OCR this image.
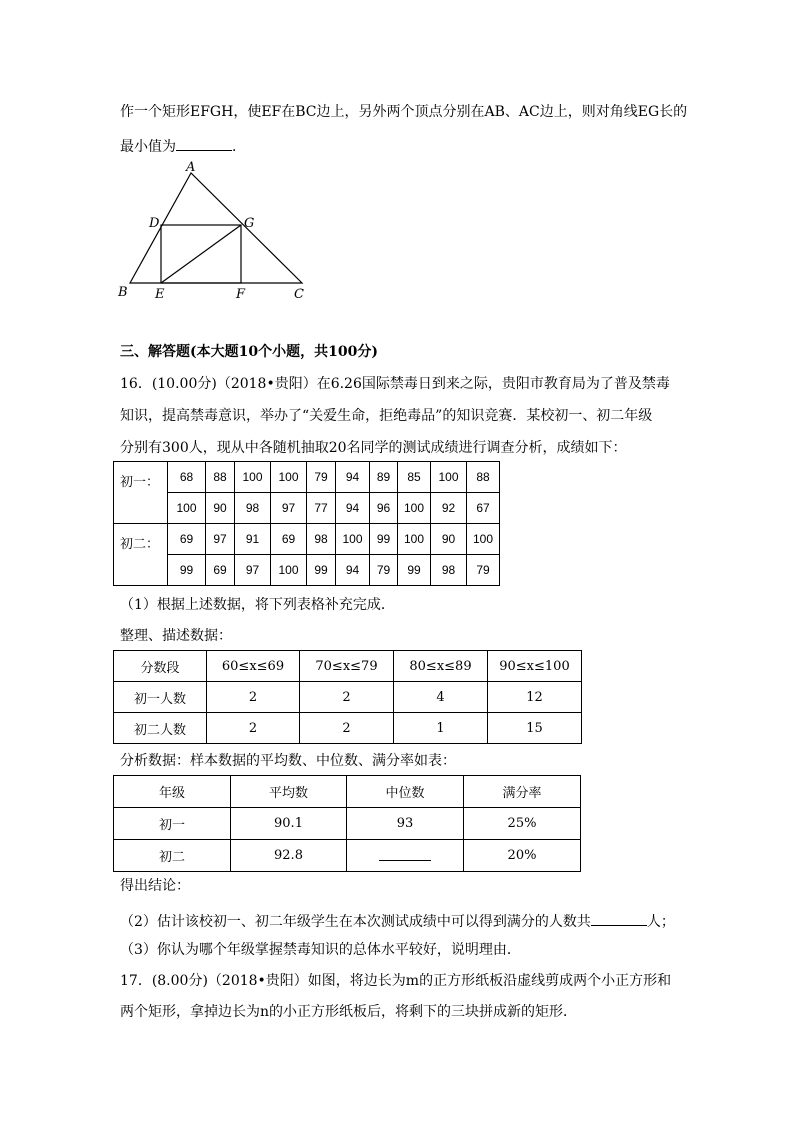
作一个矩形EFGH，使EF在BC边上，另外两个顶点分别在AB、AC边上，则对角线EG长的
最小值为	．
A
D	G
B E	F	C
三、解答题(本大题10个小题，共100分)
16．(10.00分)（2018•贵阳）在6.26国际禁毒日到来之际，贵阳市教育局为了普及禁毒
知识，提高禁毒意识，举办了“关爱生命，拒绝毒品”的知识竞赛．某校初一、初二年级
分别有300人，现从中各随机抽取20名同学的测试成绩进行调查分析，成绩如下：
初一：	68	88	100	100	79	94	89	85	100	88
	100	90	98	97	77	94	96	100	92	67
初二：	69	97	91	69	98	100	99	100	90	100
	99	69	97	100	99	94	79	99	98	79
（1）根据上述数据，将下列表格补充完成．
整理、描述数据：
分数段	60≤x≤69	70≤x≤79	80≤x≤89	90≤x≤100
初一人数	2	2	4	12
初二人数	2	2	1	15
分析数据：样本数据的平均数、中位数、满分率如表：
年级	平均数	中位数	满分率
初一	90.1	93	25%
初二	92.8		20%
得出结论：
（2）估计该校初一、初二年级学生在本次测试成绩中可以得到满分的人数共	人；
（3）你认为哪个年级掌握禁毒知识的总体水平较好，说明理由．
17．(8.00分)（2018•贵阳）如图，将边长为m的正方形纸板沿虚线剪成两个小正方形和
两个矩形，拿掉边长为n的小正方形纸板后，将剩下的三块拼成新的矩形．
